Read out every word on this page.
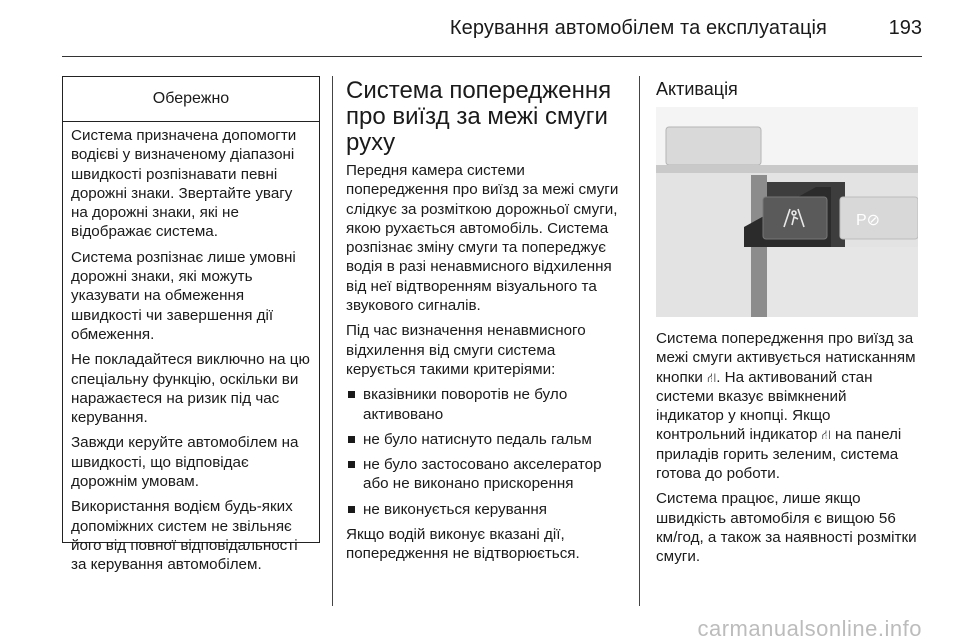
Керування автомобілем та експлуатація	193
Обережно

Система призначена допомогти водієві у визначеному діапазоні швидкості розпізнавати певні дорожні знаки. Звертайте увагу на дорожні знаки, які не відображає система.

Система розпізнає лише умовні дорожні знаки, які можуть указувати на обмеження швидкості чи завершення дії обмеження.

Не покладайтеся виключно на цю спеціальну функцію, оскільки ви наражаєтеся на ризик під час керування.

Завжди керуйте автомобілем на швидкості, що відповідає дорожнім умовам.

Використання водієм будь-яких допоміжних систем не звільняє його від повної відповідальності за керування автомобілем.

Система попередження про виїзд за межі смуги руху

Передня камера системи попередження про виїзд за межі смуги слідкує за розміткою дорожньої смуги, якою рухається автомобіль. Система розпізнає зміну смуги та попереджує водія в разі ненавмисного відхилення від неї відтворенням візуального та звукового сигналів.

Під час визначення ненавмисного відхилення від смуги система керується такими критеріями:

вказівники поворотів не було активовано
не було натиснуто педаль гальм
не було застосовано акселератор або не виконано прискорення
не виконується керування

Якщо водій виконує вказані дії, попередження не відтворюється.

Активація
P⊘

Система попередження про виїзд за межі смуги активується натисканням кнопки ⛙. На активований стан системи вказує ввімкнений індикатор у кнопці. Якщо контрольний індикатор ⛙ на панелі приладів горить зеленим, система готова до роботи.

Система працює, лише якщо швидкість автомобіля є вищою 56 км/год, а також за наявності розмітки смуги.

carmanualsonline.info
